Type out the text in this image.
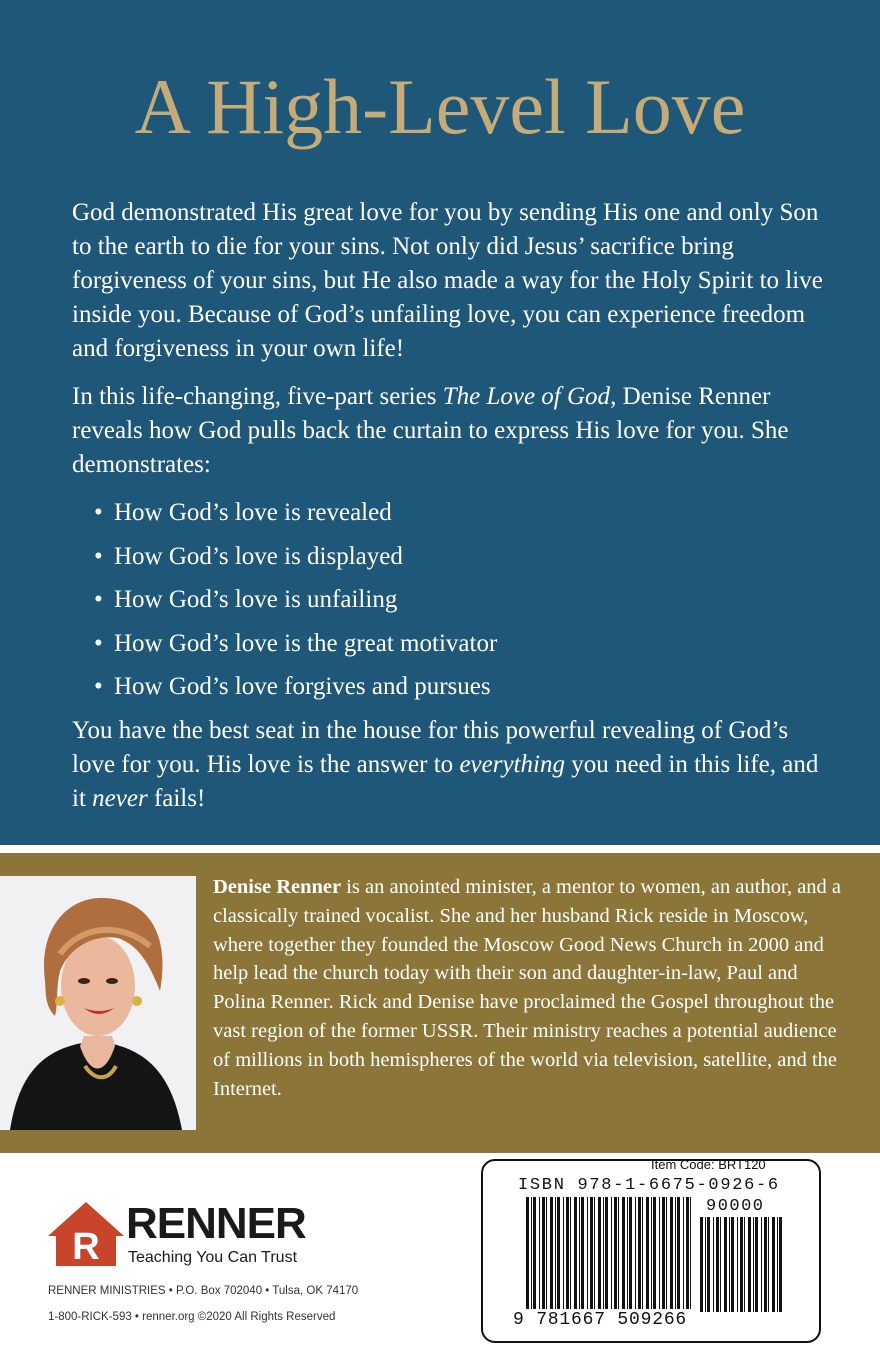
A High-Level Love

God demonstrated His great love for you by sending His one and only Son to the earth to die for your sins. Not only did Jesus’ sacrifice bring forgiveness of your sins, but He also made a way for the Holy Spirit to live inside you. Because of God’s unfailing love, you can experience freedom and forgiveness in your own life!

In this life-changing, five-part series The Love of God, Denise Renner reveals how God pulls back the curtain to express His love for you. She demonstrates:

• How God’s love is revealed
• How God’s love is displayed
• How God’s love is unfailing
• How God’s love is the great motivator
• How God’s love forgives and pursues

You have the best seat in the house for this powerful revealing of God’s love for you. His love is the answer to everything you need in this life, and it never fails!

Denise Renner is an anointed minister, a mentor to women, an author, and a classically trained vocalist. She and her husband Rick reside in Moscow, where together they founded the Moscow Good News Church in 2000 and help lead the church today with their son and daughter-in-law, Paul and Polina Renner. Rick and Denise have proclaimed the Gospel throughout the vast region of the former USSR. Their ministry reaches a potential audience of millions in both hemispheres of the world via television, satellite, and the Internet.
R RENNER
Teaching You Can Trust
RENNER MINISTRIES • P.O. Box 702040 • Tulsa, OK 74170
1-800-RICK-593 • renner.org ©2020 All Rights Reserved
Item Code: BRT120
ISBN 978-1-6675-0926-6
90000
9 781667 509266
